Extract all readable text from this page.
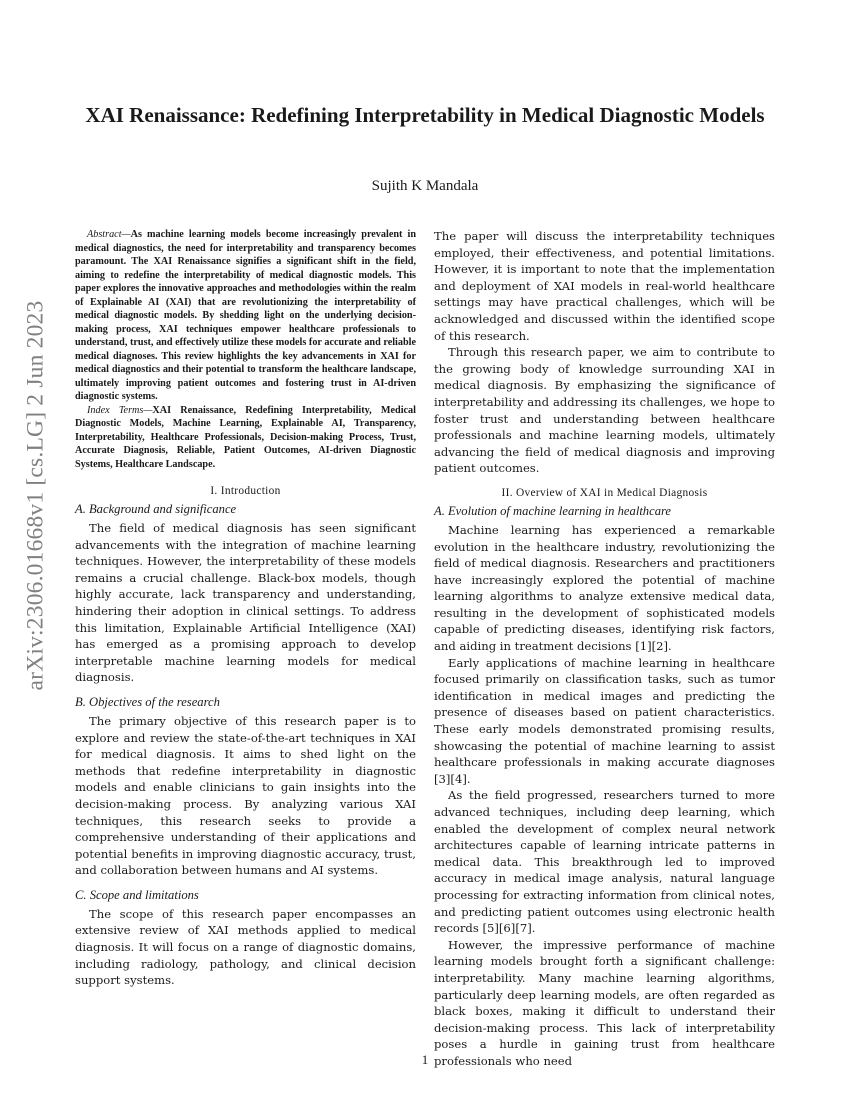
arXiv:2306.01668v1 [cs.LG] 2 Jun 2023
XAI Renaissance: Redefining Interpretability in Medical Diagnostic Models
Sujith K Mandala

Abstract—As machine learning models become increasingly prevalent in medical diagnostics, the need for interpretability and transparency becomes paramount. The XAI Renaissance signifies a significant shift in the field, aiming to redefine the interpretability of medical diagnostic models. This paper explores the innovative approaches and methodologies within the realm of Explainable AI (XAI) that are revolutionizing the interpretability of medical diagnostic models. By shedding light on the underlying decision-making process, XAI techniques empower healthcare professionals to understand, trust, and effectively utilize these models for accurate and reliable medical diagnoses. This review highlights the key advancements in XAI for medical diagnostics and their potential to transform the healthcare landscape, ultimately improving patient outcomes and fostering trust in AI-driven diagnostic systems.

Index Terms—XAI Renaissance, Redefining Interpretability, Medical Diagnostic Models, Machine Learning, Explainable AI, Transparency, Interpretability, Healthcare Professionals, Decision-making Process, Trust, Accurate Diagnosis, Reliable, Patient Outcomes, AI-driven Diagnostic Systems, Healthcare Landscape.

I. Introduction
A. Background and significance

The field of medical diagnosis has seen significant advancements with the integration of machine learning techniques. However, the interpretability of these models remains a crucial challenge. Black-box models, though highly accurate, lack transparency and understanding, hindering their adoption in clinical settings. To address this limitation, Explainable Artificial Intelligence (XAI) has emerged as a promising approach to develop interpretable machine learning models for medical diagnosis.

B. Objectives of the research

The primary objective of this research paper is to explore and review the state-of-the-art techniques in XAI for medical diagnosis. It aims to shed light on the methods that redefine interpretability in diagnostic models and enable clinicians to gain insights into the decision-making process. By analyzing various XAI techniques, this research seeks to provide a comprehensive understanding of their applications and potential benefits in improving diagnostic accuracy, trust, and collaboration between humans and AI systems.

C. Scope and limitations

The scope of this research paper encompasses an extensive review of XAI methods applied to medical diagnosis. It will focus on a range of diagnostic domains, including radiology, pathology, and clinical decision support systems.

The paper will discuss the interpretability techniques employed, their effectiveness, and potential limitations. However, it is important to note that the implementation and deployment of XAI models in real-world healthcare settings may have practical challenges, which will be acknowledged and discussed within the identified scope of this research.

Through this research paper, we aim to contribute to the growing body of knowledge surrounding XAI in medical diagnosis. By emphasizing the significance of interpretability and addressing its challenges, we hope to foster trust and understanding between healthcare professionals and machine learning models, ultimately advancing the field of medical diagnosis and improving patient outcomes.

II. Overview of XAI in Medical Diagnosis
A. Evolution of machine learning in healthcare

Machine learning has experienced a remarkable evolution in the healthcare industry, revolutionizing the field of medical diagnosis. Researchers and practitioners have increasingly explored the potential of machine learning algorithms to analyze extensive medical data, resulting in the development of sophisticated models capable of predicting diseases, identifying risk factors, and aiding in treatment decisions [1][2].

Early applications of machine learning in healthcare focused primarily on classification tasks, such as tumor identification in medical images and predicting the presence of diseases based on patient characteristics. These early models demonstrated promising results, showcasing the potential of machine learning to assist healthcare professionals in making accurate diagnoses [3][4].

As the field progressed, researchers turned to more advanced techniques, including deep learning, which enabled the development of complex neural network architectures capable of learning intricate patterns in medical data. This breakthrough led to improved accuracy in medical image analysis, natural language processing for extracting information from clinical notes, and predicting patient outcomes using electronic health records [5][6][7].

However, the impressive performance of machine learning models brought forth a significant challenge: interpretability. Many machine learning algorithms, particularly deep learning models, are often regarded as black boxes, making it difficult to understand their decision-making process. This lack of interpretability poses a hurdle in gaining trust from healthcare professionals who need

1
